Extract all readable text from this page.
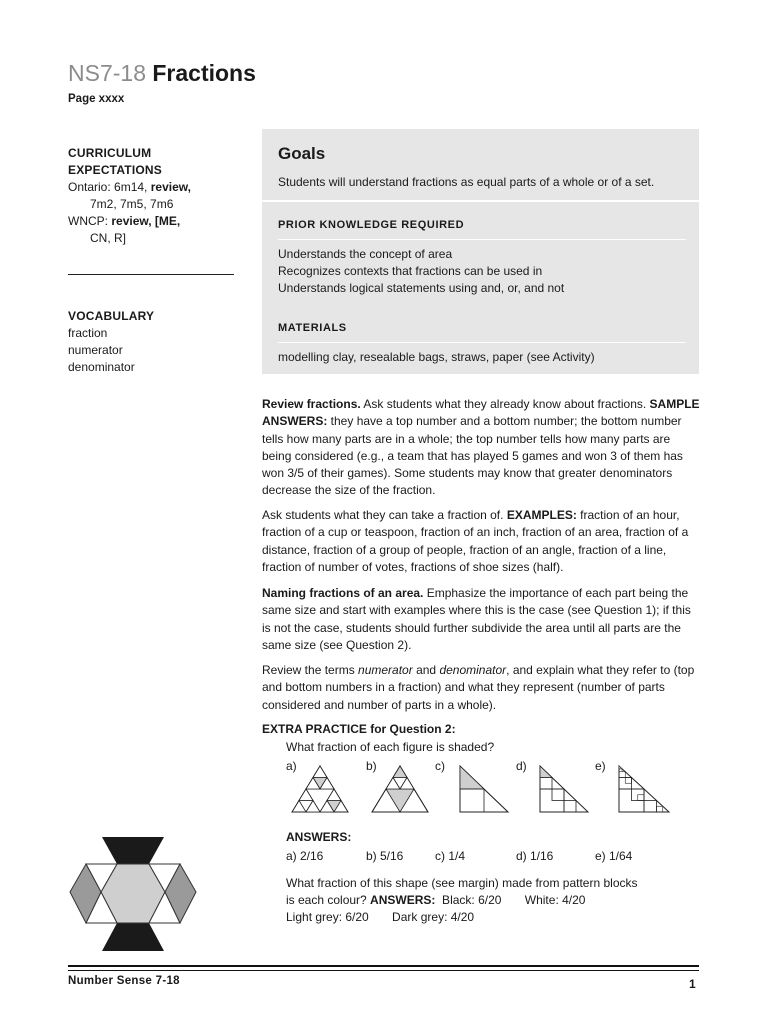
NS7-18 Fractions
Page xxxx
CURRICULUM
EXPECTATIONS
Ontario: 6m14, review,
7m2, 7m5, 7m6
WNCP: review, [ME,
CN, R]
VOCABULARY
fraction
numerator
denominator
Goals
Students will understand fractions as equal parts of a whole or of a set.
PRIOR KNOWLEDGE REQUIRED
Understands the concept of area
Recognizes contexts that fractions can be used in
Understands logical statements using and, or, and not
MATERIALS
modelling clay, resealable bags, straws, paper (see Activity)

Review fractions. Ask students what they already know about fractions. SAMPLE ANSWERS: they have a top number and a bottom number; the bottom number tells how many parts are in a whole; the top number tells how many parts are being considered (e.g., a team that has played 5 games and won 3 of them has won 3/5 of their games). Some students may know that greater denominators decrease the size of the fraction.

Ask students what they can take a fraction of. EXAMPLES: fraction of an hour, fraction of a cup or teaspoon, fraction of an inch, fraction of an area, fraction of a distance, fraction of a group of people, fraction of an angle, fraction of a line, fraction of number of votes, fractions of shoe sizes (half).

Naming fractions of an area. Emphasize the importance of each part being the same size and start with examples where this is the case (see Question 1); if this is not the case, students should further subdivide the area until all parts are the same size (see Question 2).

Review the terms numerator and denominator, and explain what they refer to (top and bottom numbers in a fraction) and what they represent (number of parts considered and number of parts in a whole).

EXTRA PRACTICE for Question 2:
What fraction of each figure is shaded?
a)	b)	c)	d)	e)
ANSWERS:
a) 2/16	b) 5/16	c) 1/4	d) 1/16	e) 1/64
What fraction of this shape (see margin) made from pattern blocks
is each colour? ANSWERS:  Black: 6/20       White: 4/20
Light grey: 6/20       Dark grey: 4/20
Number Sense 7-18	1
